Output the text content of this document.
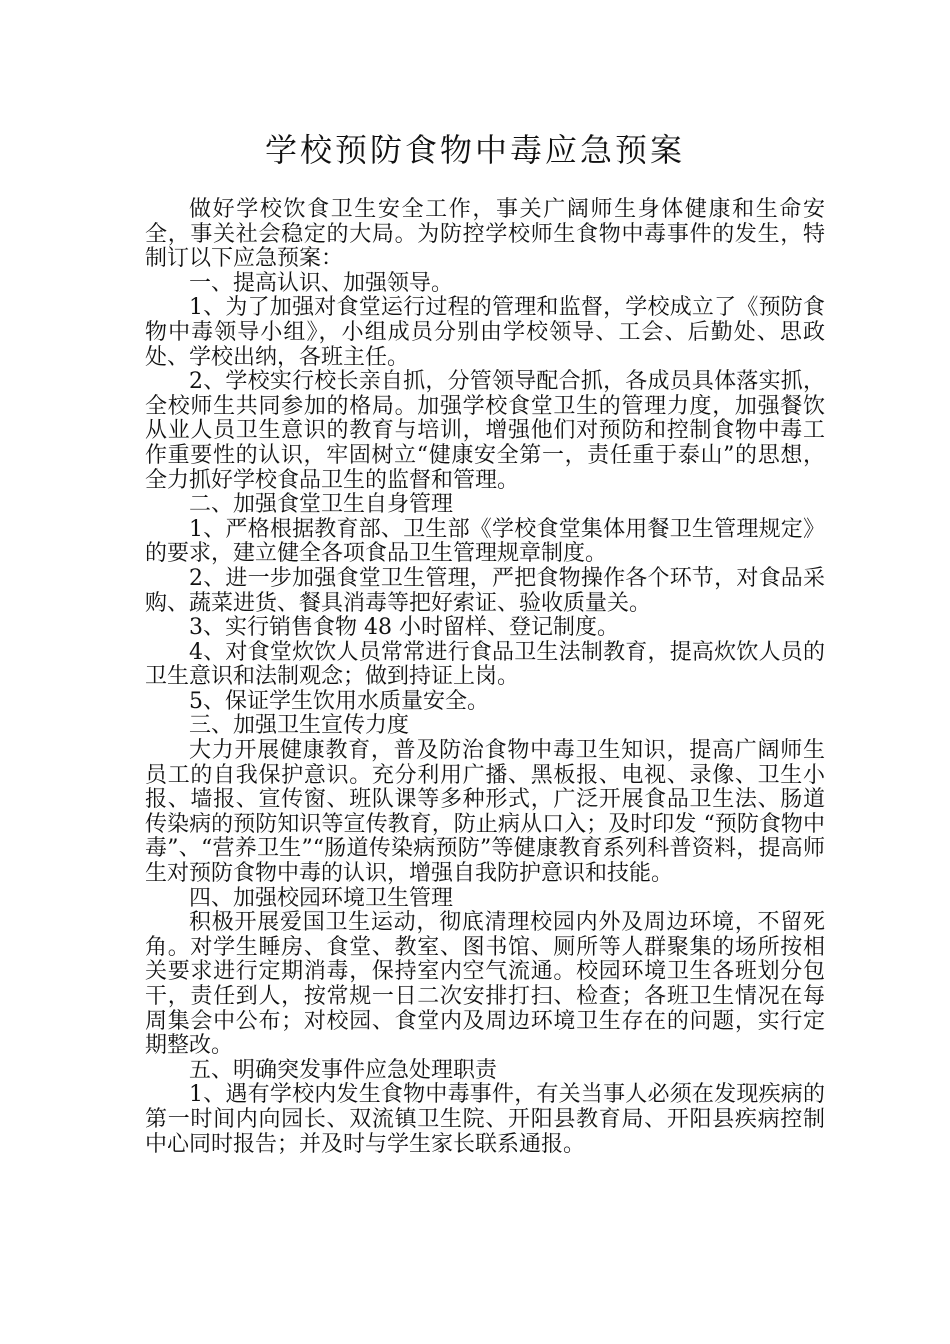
学校预防食物中毒应急预案

做好学校饮食卫生安全工作，事关广阔师生身体健康和生命安全，事关社会稳定的大局。为防控学校师生食物中毒事件的发生，特制订以下应急预案：

一、提高认识、加强领导。

1、为了加强对食堂运行过程的管理和监督，学校成立了《预防食物中毒领导小组》，小组成员分别由学校领导、工会、后勤处、思政处、学校出纳，各班主任。

2、学校实行校长亲自抓，分管领导配合抓，各成员具体落实抓，全校师生共同参加的格局。加强学校食堂卫生的管理力度，加强餐饮从业人员卫生意识的教育与培训，增强他们对预防和控制食物中毒工作重要性的认识，牢固树立“健康安全第一，责任重于泰山”的思想，全力抓好学校食品卫生的监督和管理。

二、加强食堂卫生自身管理

1、严格根据教育部、卫生部《学校食堂集体用餐卫生管理规定》的要求，建立健全各项食品卫生管理规章制度。

2、进一步加强食堂卫生管理，严把食物操作各个环节，对食品采购、蔬菜进货、餐具消毒等把好索证、验收质量关。

3、实行销售食物 48 小时留样、登记制度。

4、对食堂炊饮人员常常进行食品卫生法制教育，提高炊饮人员的卫生意识和法制观念；做到持证上岗。

5、保证学生饮用水质量安全。

三、加强卫生宣传力度

大力开展健康教育，普及防治食物中毒卫生知识，提高广阔师生员工的自我保护意识。充分利用广播、黑板报、电视、录像、卫生小报、墙报、宣传窗、班队课等多种形式，广泛开展食品卫生法、肠道传染病的预防知识等宣传教育，防止病从口入；及时印发 “预防食物中毒”、“营养卫生”“肠道传染病预防”等健康教育系列科普资料，提高师生对预防食物中毒的认识，增强自我防护意识和技能。

四、加强校园环境卫生管理

积极开展爱国卫生运动，彻底清理校园内外及周边环境，不留死角。对学生睡房、食堂、教室、图书馆、厕所等人群聚集的场所按相关要求进行定期消毒，保持室内空气流通。校园环境卫生各班划分包干，责任到人，按常规一日二次安排打扫、检查；各班卫生情况在每周集会中公布；对校园、食堂内及周边环境卫生存在的问题，实行定期整改。

五、明确突发事件应急处理职责

1、遇有学校内发生食物中毒事件，有关当事人必须在发现疾病的第一时间内向园长、双流镇卫生院、开阳县教育局、开阳县疾病控制中心同时报告；并及时与学生家长联系通报。
